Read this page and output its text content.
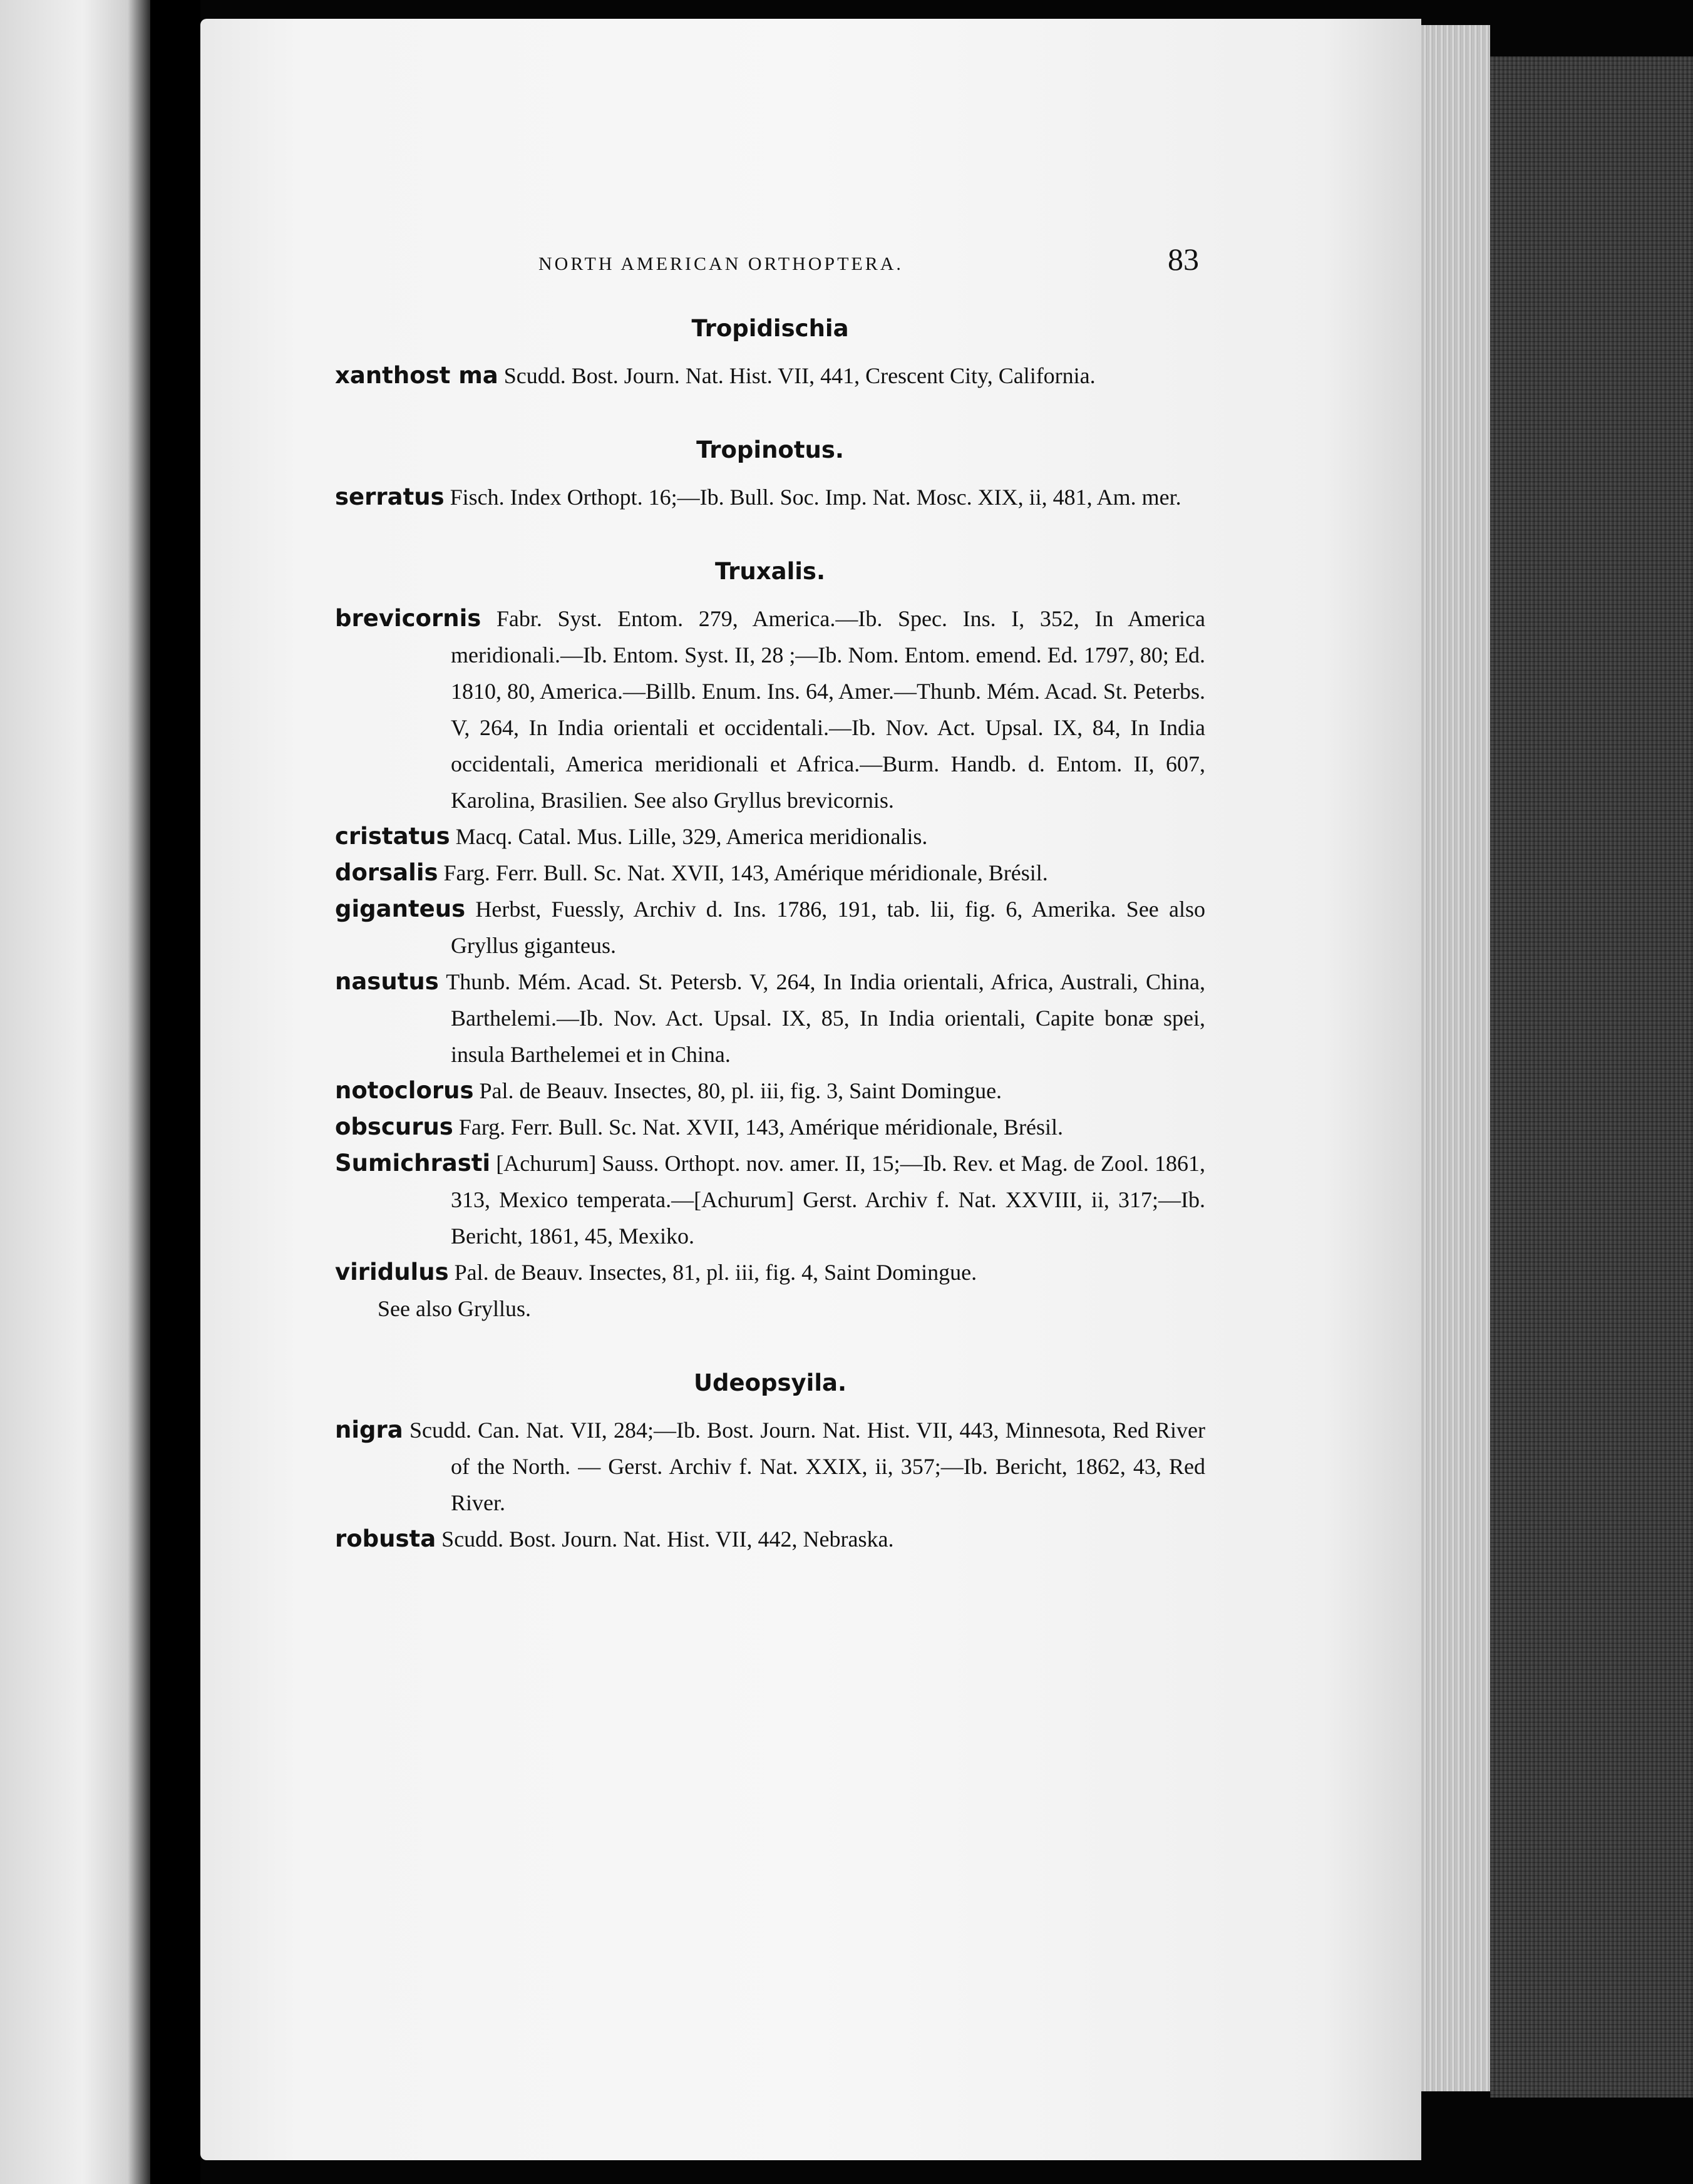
NORTH AMERICAN ORTHOPTERA.	83

Tropidischia

xanthost ma Scudd. Bost. Journ. Nat. Hist. VII, 441, Crescent City, California.

Tropinotus.

serratus Fisch. Index Orthopt. 16;—Ib. Bull. Soc. Imp. Nat. Mosc. XIX, ii, 481, Am. mer.

Truxalis.

brevicornis Fabr. Syst. Entom. 279, America.—Ib. Spec. Ins. I, 352, In America meridionali.—Ib. Entom. Syst. II, 28 ;—Ib. Nom. Entom. emend. Ed. 1797, 80; Ed. 1810, 80, America.—Billb. Enum. Ins. 64, Amer.—Thunb. Mém. Acad. St. Peterbs. V, 264, In India orientali et occidentali.—Ib. Nov. Act. Upsal. IX, 84, In India occidentali, America meridionali et Africa.—Burm. Handb. d. Entom. II, 607, Karolina, Brasilien. See also Gryllus brevicornis.

cristatus Macq. Catal. Mus. Lille, 329, America meridionalis.

dorsalis Farg. Ferr. Bull. Sc. Nat. XVII, 143, Amérique méridionale, Brésil.

giganteus Herbst, Fuessly, Archiv d. Ins. 1786, 191, tab. lii, fig. 6, Amerika. See also Gryllus giganteus.

nasutus Thunb. Mém. Acad. St. Petersb. V, 264, In India orientali, Africa, Australi, China, Barthelemi.—Ib. Nov. Act. Upsal. IX, 85, In India orientali, Capite bonæ spei, insula Barthelemei et in China.

notoclorus Pal. de Beauv. Insectes, 80, pl. iii, fig. 3, Saint Domingue.

obscurus Farg. Ferr. Bull. Sc. Nat. XVII, 143, Amérique méridionale, Brésil.

Sumichrasti [Achurum] Sauss. Orthopt. nov. amer. II, 15;—Ib. Rev. et Mag. de Zool. 1861, 313, Mexico temperata.—[Achurum] Gerst. Archiv f. Nat. XXVIII, ii, 317;—Ib. Bericht, 1861, 45, Mexiko.

viridulus Pal. de Beauv. Insectes, 81, pl. iii, fig. 4, Saint Domingue.

See also Gryllus.

Udeopsyila.

nigra Scudd. Can. Nat. VII, 284;—Ib. Bost. Journ. Nat. Hist. VII, 443, Minnesota, Red River of the North. — Gerst. Archiv f. Nat. XXIX, ii, 357;—Ib. Bericht, 1862, 43, Red River.

robusta Scudd. Bost. Journ. Nat. Hist. VII, 442, Nebraska.
